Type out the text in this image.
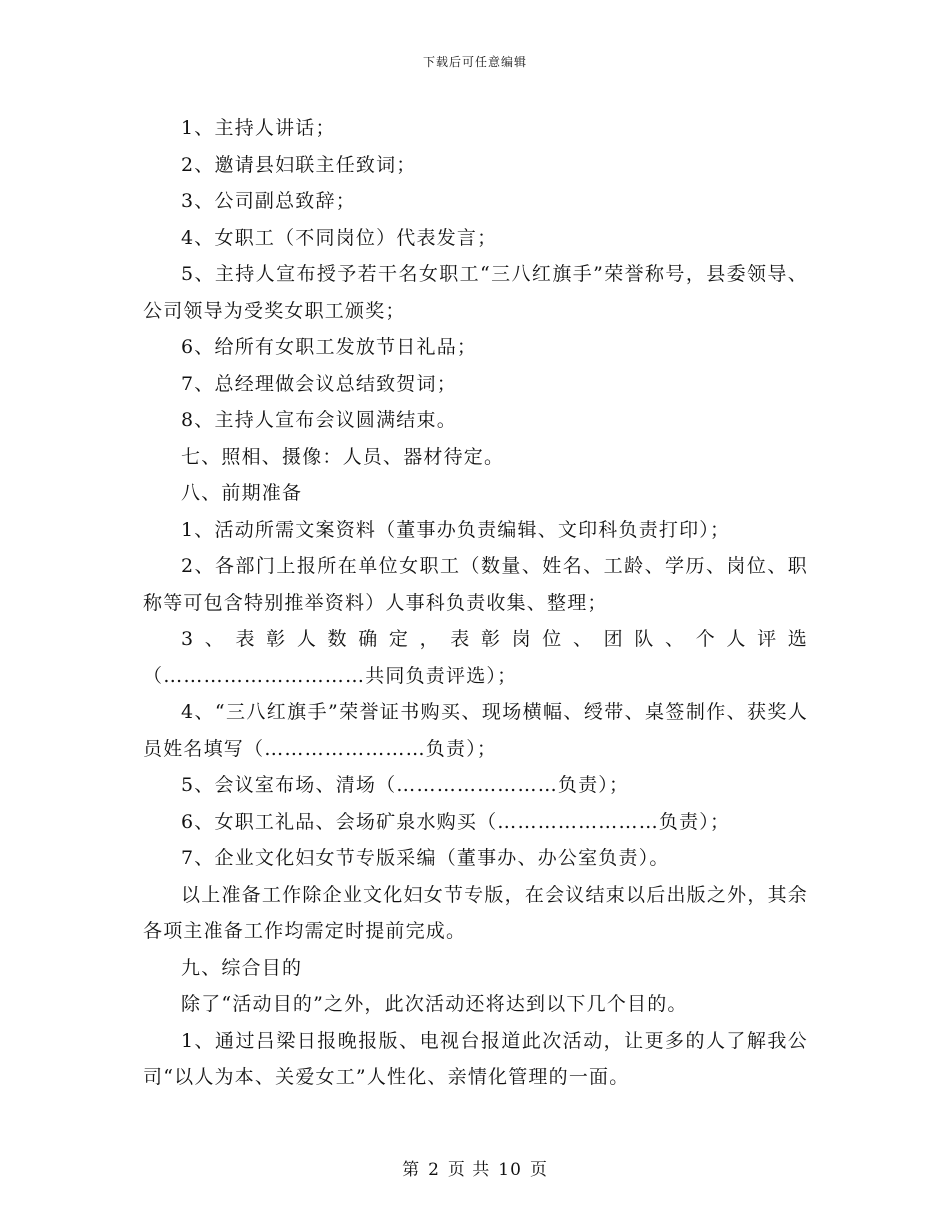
下载后可任意编辑

1、主持人讲话；

2、邀请县妇联主任致词；

3、公司副总致辞；

4、女职工（不同岗位）代表发言；

5、主持人宣布授予若干名女职工“三八红旗手”荣誉称号，县委领导、公司领导为受奖女职工颁奖；

6、给所有女职工发放节日礼品；

7、总经理做会议总结致贺词；

8、主持人宣布会议圆满结束。

七、照相、摄像：人员、器材待定。

八、前期准备

1、活动所需文案资料（董事办负责编辑、文印科负责打印）；

2、各部门上报所在单位女职工（数量、姓名、工龄、学历、岗位、职称等可包含特别推举资料）人事科负责收集、整理；

3、表彰人数确定，表彰岗位、团队、个人评选（…………………………共同负责评选）；

4、“三八红旗手”荣誉证书购买、现场横幅、绶带、桌签制作、获奖人员姓名填写（……………………负责）；

5、会议室布场、清场（……………………负责）；

6、女职工礼品、会场矿泉水购买（……………………负责）；

7、企业文化妇女节专版采编（董事办、办公室负责）。

以上准备工作除企业文化妇女节专版，在会议结束以后出版之外，其余各项主准备工作均需定时提前完成。

九、综合目的

除了“活动目的”之外，此次活动还将达到以下几个目的。

1、通过吕梁日报晚报版、电视台报道此次活动，让更多的人了解我公司“以人为本、关爱女工”人性化、亲情化管理的一面。

第 2 页 共 10 页
